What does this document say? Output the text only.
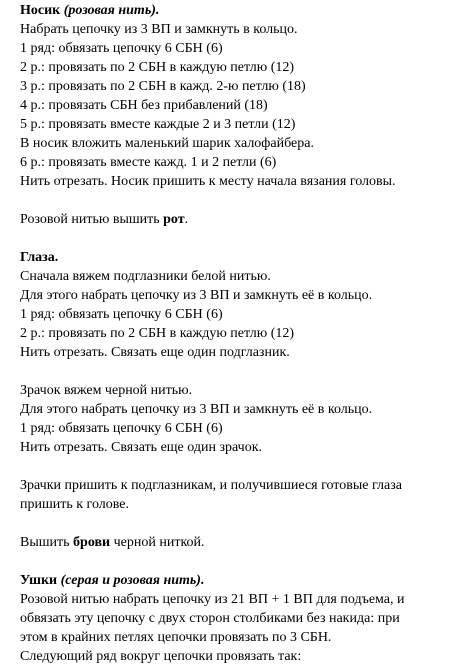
Носик (розовая нить).
Набрать цепочку из 3 ВП и замкнуть в кольцо.
1 ряд: обвязать цепочку 6 СБН (6)
2 р.: провязать по 2 СБН в каждую петлю (12)
3 р.: провязать по 2 СБН в кажд. 2-ю петлю (18)
4 р.: провязать СБН без прибавлений (18)
5 р.: провязать вместе каждые 2 и 3 петли (12)
В носик вложить маленький шарик халофайбера.
6 р.: провязать вместе кажд. 1 и 2 петли (6)
Нить отрезать. Носик пришить к месту начала вязания головы.
Розовой нитью вышить рот.
Глаза.
Сначала вяжем подглазники белой нитью.
Для этого набрать цепочку из 3 ВП и замкнуть её в кольцо.
1 ряд: обвязать цепочку 6 СБН (6)
2 р.: провязать по 2 СБН в каждую петлю (12)
Нить отрезать. Связать еще один подглазник.
Зрачок вяжем черной нитью.
Для этого набрать цепочку из 3 ВП и замкнуть её в кольцо.
1 ряд: обвязать цепочку 6 СБН (6)
Нить отрезать. Связать еще один зрачок.
Зрачки пришить к подглазникам, и получившиеся готовые глаза
пришить к голове.
Вышить брови черной ниткой.
Ушки (серая и розовая нить).
Розовой нитью набрать цепочку из 21 ВП + 1 ВП для подъема, и
обвязать эту цепочку с двух сторон столбиками без накида: при
этом в крайних петлях цепочки провязать по 3 СБН.
Следующий ряд вокруг цепочки провязать так:
